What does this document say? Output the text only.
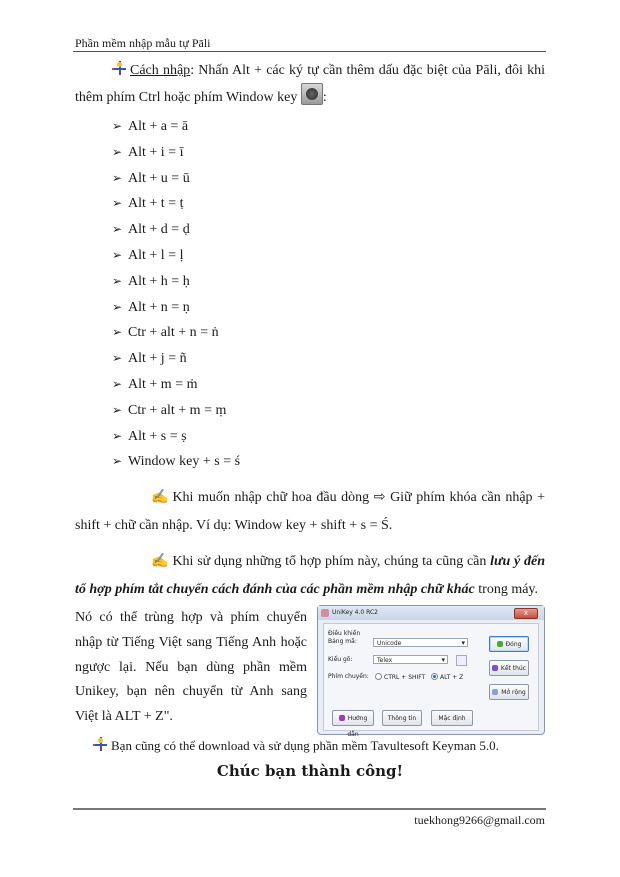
Phần mềm nhập mẫu tự Pāli
Cách nhập: Nhấn Alt + các ký tự cần thêm dấu đặc biệt của Pāli, đôi khi thêm phím Ctrl hoặc phím Window key :
➢ Alt + a = ā
➢ Alt + i = ī
➢ Alt + u = ū
➢ Alt + t = ṭ
➢ Alt + d = ḍ
➢ Alt + l = ḷ
➢ Alt + h = ḥ
➢ Alt + n = ṇ
➢ Ctr + alt + n = ṅ
➢ Alt + j = ñ
➢ Alt + m = ṁ
➢ Ctr + alt + m = ṃ
➢ Alt + s = ṣ
➢ Window key + s = ś
✍ Khi muốn nhập chữ hoa đầu dòng ⇨ Giữ phím khóa cần nhập + shift + chữ cần nhập. Ví dụ: Window key + shift + s = Ś.
✍ Khi sử dụng những tổ hợp phím này, chúng ta cũng cần lưu ý đến tổ hợp phím tắt chuyển cách đánh của các phần mềm nhập chữ khác trong máy.
Nó có thể trùng hợp và phím chuyển nhập từ Tiếng Việt sang Tiếng Anh hoặc ngược lại. Nếu bạn dùng phần mềm Unikey, bạn nên chuyển từ Anh sang Việt là ALT + Z".
UniKey 4.0 RC2	x
Điều khiển
Bảng mã:	Unicode ▾
Kiểu gõ:	Telex ▾
Phím chuyển:	CTRL + SHIFT	ALT + Z
Đóng
Kết thúc
Mở rộng
Hướng dẫn
Thông tin	Mặc định
Bạn cũng có thể download và sử dụng phần mềm Tavultesoft Keyman 5.0.
Chúc bạn thành công!
tuekhong9266@gmail.com
